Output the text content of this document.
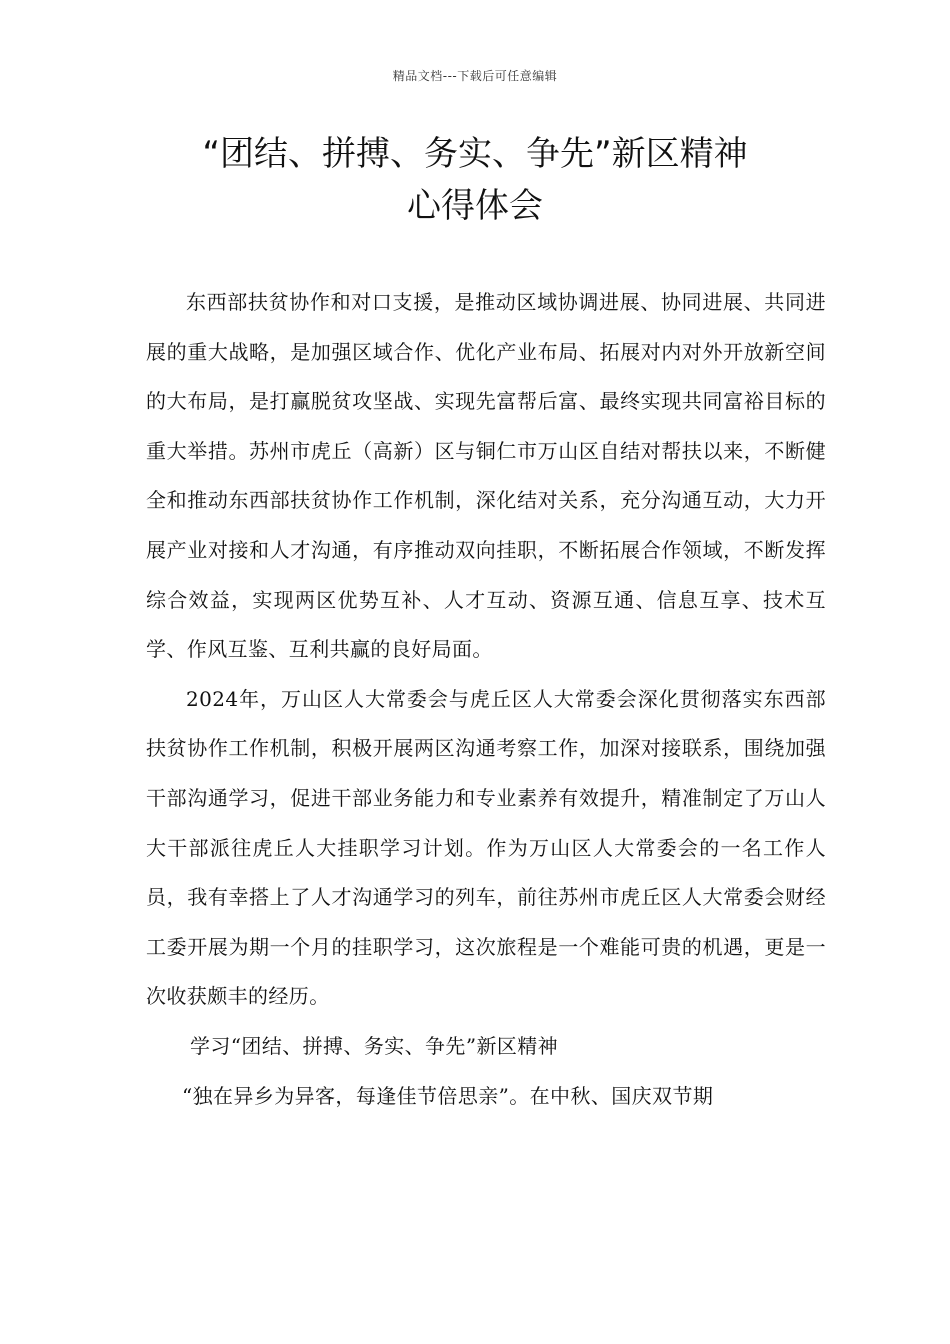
精品文档---下载后可任意编辑
“团结、拼搏、务实、争先”新区精神
心得体会

东西部扶贫协作和对口支援，是推动区域协调进展、协同进展、共同进展的重大战略，是加强区域合作、优化产业布局、拓展对内对外开放新空间的大布局，是打赢脱贫攻坚战、实现先富帮后富、最终实现共同富裕目标的重大举措。苏州市虎丘（高新）区与铜仁市万山区自结对帮扶以来，不断健全和推动东西部扶贫协作工作机制，深化结对关系，充分沟通互动，大力开展产业对接和人才沟通，有序推动双向挂职，不断拓展合作领域，不断发挥综合效益，实现两区优势互补、人才互动、资源互通、信息互享、技术互学、作风互鉴、互利共赢的良好局面。

2024年，万山区人大常委会与虎丘区人大常委会深化贯彻落实东西部扶贫协作工作机制，积极开展两区沟通考察工作，加深对接联系，围绕加强干部沟通学习，促进干部业务能力和专业素养有效提升，精准制定了万山人大干部派往虎丘人大挂职学习计划。作为万山区人大常委会的一名工作人员，我有幸搭上了人才沟通学习的列车，前往苏州市虎丘区人大常委会财经工委开展为期一个月的挂职学习，这次旅程是一个难能可贵的机遇，更是一次收获颇丰的经历。

学习“团结、拼搏、务实、争先”新区精神

“独在异乡为异客，每逢佳节倍思亲”。在中秋、国庆双节期
